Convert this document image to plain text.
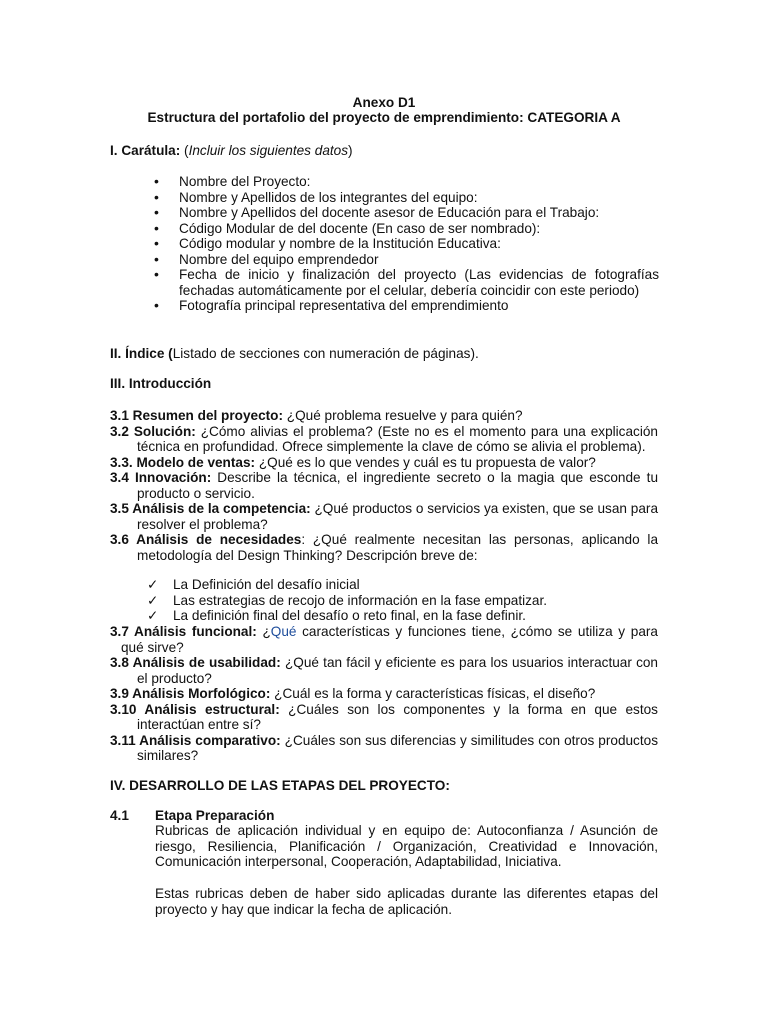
Anexo D1
Estructura del portafolio del proyecto de emprendimiento: CATEGORIA A
I. Carátula: (Incluir los siguientes datos)
•	Nombre del Proyecto:
•	Nombre y Apellidos de los integrantes del equipo:
•	Nombre y Apellidos del docente asesor de Educación para el Trabajo:
•	Código Modular de del docente (En caso de ser nombrado):
•	Código modular y nombre de la Institución Educativa:
•	Nombre del equipo emprendedor
•	Fecha de inicio y finalización del proyecto (Las evidencias de fotografías fechadas automáticamente por el celular, debería coincidir con este periodo)
•	Fotografía principal representativa del emprendimiento
II. Índice (Listado de secciones con numeración de páginas).
III. Introducción
3.1 Resumen del proyecto: ¿Qué problema resuelve y para quién?
3.2 Solución: ¿Cómo alivias el problema? (Este no es el momento para una explicación técnica en profundidad. Ofrece simplemente la clave de cómo se alivia el problema).
3.3. Modelo de ventas: ¿Qué es lo que vendes y cuál es tu propuesta de valor?
3.4 Innovación: Describe la técnica, el ingrediente secreto o la magia que esconde tu producto o servicio.
3.5 Análisis de la competencia: ¿Qué productos o servicios ya existen, que se usan para resolver el problema?
3.6 Análisis de necesidades: ¿Qué realmente necesitan las personas, aplicando la metodología del Design Thinking? Descripción breve de:
✓	La Definición del desafío inicial
✓	Las estrategias de recojo de información en la fase empatizar.
✓	La definición final del desafío o reto final, en la fase definir.
3.7 Análisis funcional: ¿Qué características y funciones tiene, ¿cómo se utiliza y para qué sirve?
3.8 Análisis de usabilidad: ¿Qué tan fácil y eficiente es para los usuarios interactuar con el producto?
3.9 Análisis Morfológico: ¿Cuál es la forma y características físicas, el diseño?
3.10 Análisis estructural: ¿Cuáles son los componentes y la forma en que estos interactúan entre sí?
3.11 Análisis comparativo: ¿Cuáles son sus diferencias y similitudes con otros productos similares?
IV. DESARROLLO DE LAS ETAPAS DEL PROYECTO:
4.1 Etapa Preparación
Rubricas de aplicación individual y en equipo de: Autoconfianza / Asunción de riesgo, Resiliencia, Planificación / Organización, Creatividad e Innovación, Comunicación interpersonal, Cooperación, Adaptabilidad, Iniciativa.
Estas rubricas deben de haber sido aplicadas durante las diferentes etapas del proyecto y hay que indicar la fecha de aplicación.
